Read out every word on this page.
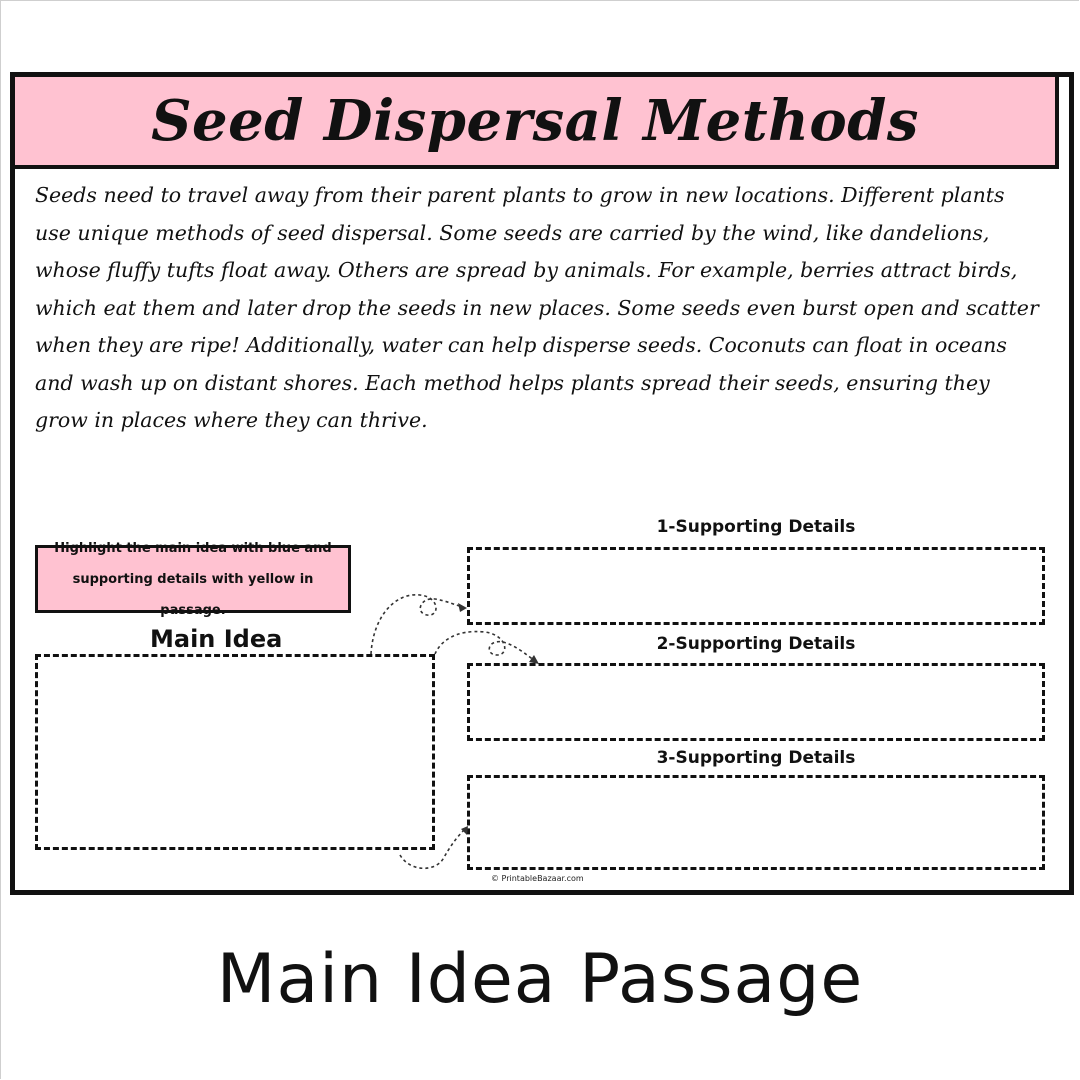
Seed Dispersal Methods

Seeds need to travel away from their parent plants to grow in new locations. Different plants use unique methods of seed dispersal. Some seeds are carried by the wind, like dandelions, whose fluffy tufts float away. Others are spread by animals. For example, berries attract birds, which eat them and later drop the seeds in new places. Some seeds even burst open and scatter when they are ripe! Additionally, water can help disperse seeds. Coconuts can float in oceans and wash up on distant shores. Each method helps plants spread their seeds, ensuring they grow in places where they can thrive.

Highlight the main idea with blue and supporting details with yellow in passage.
Main Idea
1-Supporting Details
2-Supporting Details
3-Supporting Details
© PrintableBazaar.com
Main Idea Passage
